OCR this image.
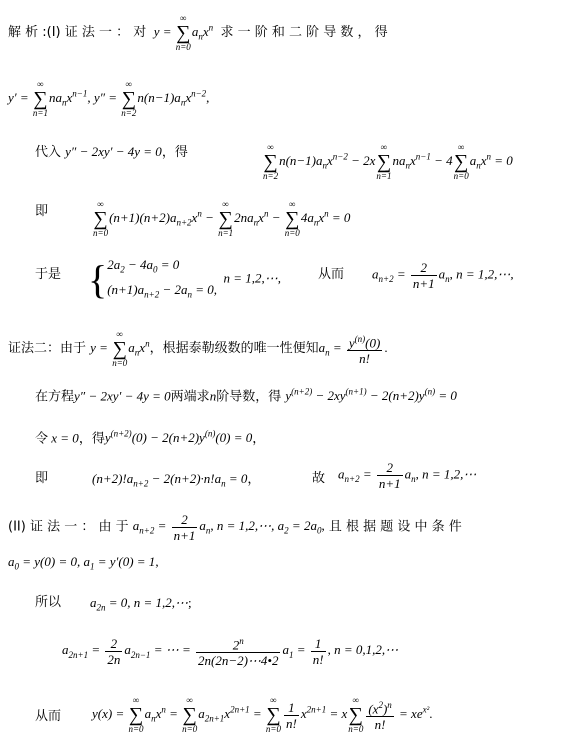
解 析 :(I) 证 法 一 ： 对  y =
∞
∑
n=0
$a_nx^n$ 求 一 阶 和 二 阶 导 数 ， 得
y′ =
∞
∑
n=1
$na_nx^{n-1}$, y″ =
∞
∑
n=2
$n(n-1)a_nx^{n-2}$,
代入 y″ − 2xy′ − 4y = 0，得	∞
∑
n=2
$n(n-1)a_nx^{n-2} - 2x$
∞
∑
n=1
$na_nx^{n-1} - 4$
∞
∑
n=0
$a_nx^n = 0$
即	∞
∑
n=0
$(n+1)(n+2)a_{n+2}x^n$ −
∞
∑
n=1
$2na_nx^n$ −
∞
∑
n=0
$4a_nx^n = 0$
于是 {$2a_2 - 4a_0 = 0$
$(n+1)a_{n+2} - 2a_n = 0$,  n = 1,2,⋯,	从而 $a_{n+2} = \frac{2}{n+1} a_n$, n = 1,2,⋯,
证法二：由于 y =
∞
∑
n=0
$a_nx^n$，根据泰勒级数的唯一性便知$a_n = \frac{y^{(n)}(0)}{n!}$ .
在方程y″ − 2xy′ − 4y = 0两端求n阶导数，得 $y^{(n+2)} - 2xy^{(n+1)} - 2(n+2)y^{(n)} = 0$
令 x = 0，得$y^{(n+2)}(0) - 2(n+2)y^{(n)}(0) = 0$，
即	$(n+2)!a_{n+2} - 2(n+2)\cdot n!a_n = 0$，	故 $a_{n+2} = \frac{2}{n+1} a_n$, n = 1,2,⋯
(II) 证 法 一 ： 由 于 $a_{n+2} = \frac{2}{n+1} a_n$, n = 1,2,⋯, $a_2 = 2a_0$, 且 根 据 题 设 中 条 件
$a_0 = y(0) = 0$, $a_1 = y'(0) = 1$,
所以 $a_{2n} = 0$, n = 1,2,⋯;
$a_{2n+1} = \frac{2}{2n} a_{2n-1}$ = ⋯ = $\frac{2^n}{2n(2n-2)\cdots 4•2} a_1 = \frac{1}{n!}$ , n = 0,1,2,⋯
从而 y(x) =
∞
∑
n=0
$a_nx^n$ =
∞
∑
n=0
$a_{2n+1}x^{2n+1}$ =
∞
∑
$n=0 \frac{1}{n!} x^{2n+1} = x$
∞
∑
$n=0 \frac{(x^2)^n}{n!} = xe^{x^2}$.
